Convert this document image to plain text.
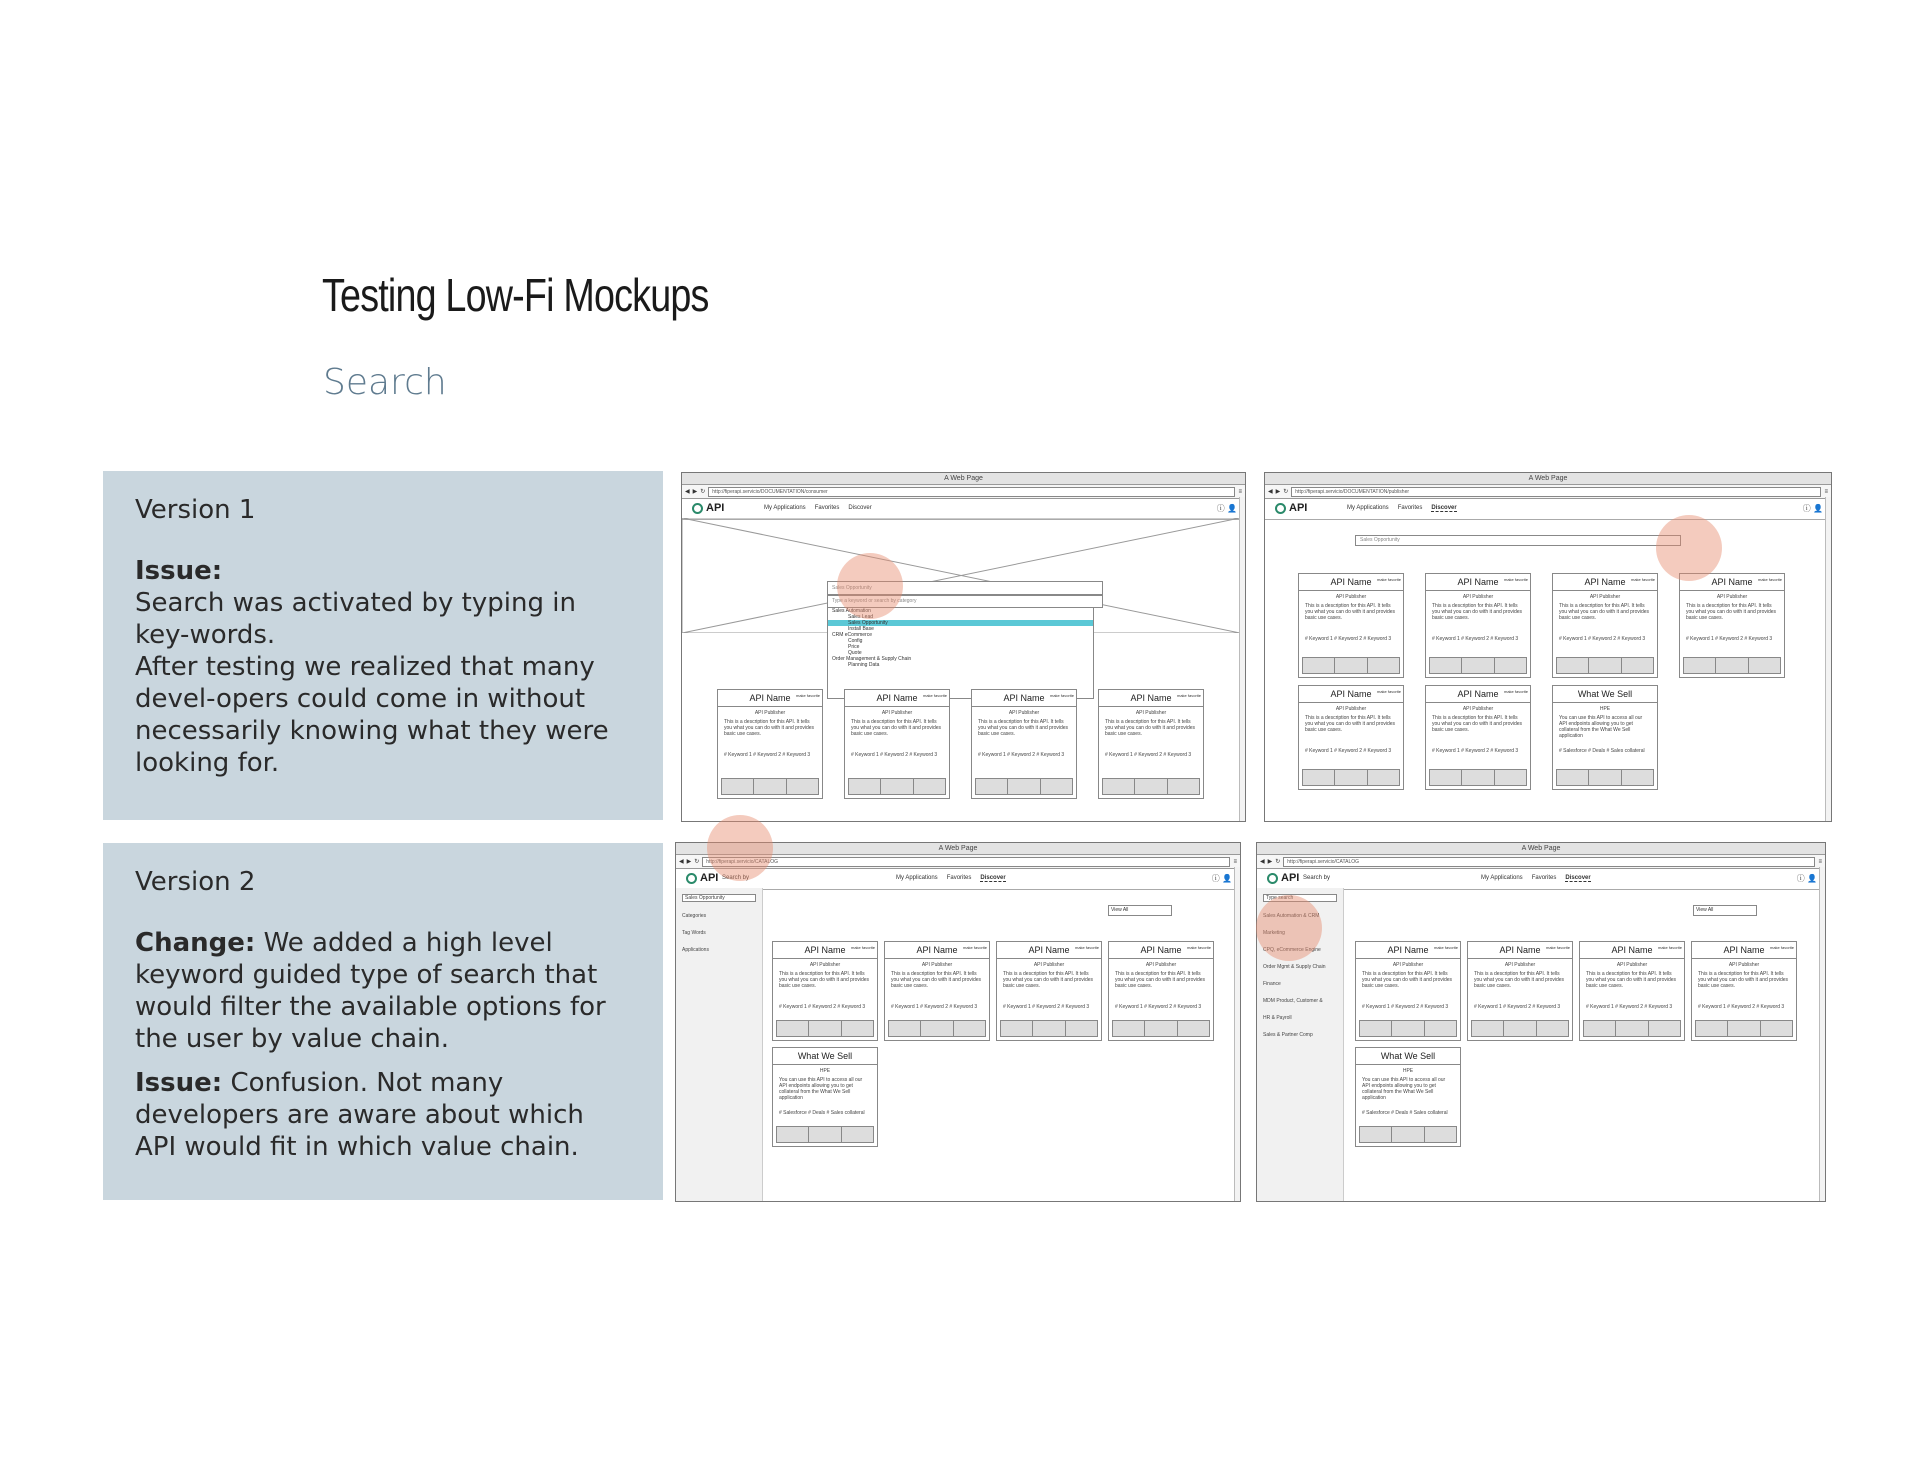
Testing Low-Fi Mockups
Search
Version 1

Issue:

Search was activated by typing in key-words.

After testing we realized that many devel-opers could come in without necessarily knowing what they were looking for.

Version 2

Change: We added a high level keyword guided type of search that would filter the available options for the user by value chain.

Issue: Confusion. Not many developers are aware about which API would fit in which value chain.

A Web Page
◀ ▶ ↻	http://fiperapi.servicio/DOCUMENTATION/consumer	≡
API	My Applications Favorites Discover	ⓘ 👤
Sales Opportunity
Type a keyword or search by category
Sales Automation
Sales Lead
Sales Opportunity
Install Base
CRM eCommerce
Config
Price
Quote
Order Management & Supply Chain
Planning Data
API Name	make favorite
API Publisher
This is a description for this API. It tells you what you can do with it and provides basic use cases.
# Keyword 1 # Keyword 2 # Keyword 3
API Name	make favorite
API Publisher
This is a description for this API. It tells you what you can do with it and provides basic use cases.
# Keyword 1 # Keyword 2 # Keyword 3
API Name	make favorite
API Publisher
This is a description for this API. It tells you what you can do with it and provides basic use cases.
# Keyword 1 # Keyword 2 # Keyword 3
API Name	make favorite
API Publisher
This is a description for this API. It tells you what you can do with it and provides basic use cases.
# Keyword 1 # Keyword 2 # Keyword 3
A Web Page
◀ ▶ ↻	http://fiperapi.servicio/DOCUMENTATION/publisher	≡
API	My Applications Favorites Discover	ⓘ 👤
Sales Opportunity
API Name	make favorite
API Publisher
This is a description for this API. It tells you what you can do with it and provides basic use cases.
# Keyword 1 # Keyword 2 # Keyword 3
API Name	make favorite
API Publisher
This is a description for this API. It tells you what you can do with it and provides basic use cases.
# Keyword 1 # Keyword 2 # Keyword 3
API Name	make favorite
API Publisher
This is a description for this API. It tells you what you can do with it and provides basic use cases.
# Keyword 1 # Keyword 2 # Keyword 3
API Name	make favorite
API Publisher
This is a description for this API. It tells you what you can do with it and provides basic use cases.
# Keyword 1 # Keyword 2 # Keyword 3
API Name	make favorite
API Publisher
This is a description for this API. It tells you what you can do with it and provides basic use cases.
# Keyword 1 # Keyword 2 # Keyword 3
API Name	make favorite
API Publisher
This is a description for this API. It tells you what you can do with it and provides basic use cases.
# Keyword 1 # Keyword 2 # Keyword 3
What We Sell
HPE
You can use this API to access all our API endpoints allowing you to get collateral from the What We Sell application
# Salesforce # Deals # Sales collateral
A Web Page
◀ ▶ ↻	http://fiperapi.servicio/CATALOG	≡
API Search by	My Applications Favorites Discover	ⓘ 👤
Sales Opportunity
Categories
Tag Words
Applications
View All
API Name	make favorite
API Publisher
This is a description for this API. It tells you what you can do with it and provides basic use cases.
# Keyword 1 # Keyword 2 # Keyword 3
API Name	make favorite
API Publisher
This is a description for this API. It tells you what you can do with it and provides basic use cases.
# Keyword 1 # Keyword 2 # Keyword 3
API Name	make favorite
API Publisher
This is a description for this API. It tells you what you can do with it and provides basic use cases.
# Keyword 1 # Keyword 2 # Keyword 3
API Name	make favorite
API Publisher
This is a description for this API. It tells you what you can do with it and provides basic use cases.
# Keyword 1 # Keyword 2 # Keyword 3
What We Sell
HPE
You can use this API to access all our API endpoints allowing you to get collateral from the What We Sell application
# Salesforce # Deals # Sales collateral
A Web Page
◀ ▶ ↻	http://fiperapi.servicio/CATALOG	≡
API Search by	My Applications Favorites Discover	ⓘ 👤
Type search
Sales Automation & CRM
Marketing
CPQ, eCommerce Engine
Order Mgmt & Supply Chain
Finance
MDM Product, Customer &
HR & Payroll
Sales & Partner Comp
View All
API Name	make favorite
API Publisher
This is a description for this API. It tells you what you can do with it and provides basic use cases.
# Keyword 1 # Keyword 2 # Keyword 3
API Name	make favorite
API Publisher
This is a description for this API. It tells you what you can do with it and provides basic use cases.
# Keyword 1 # Keyword 2 # Keyword 3
API Name	make favorite
API Publisher
This is a description for this API. It tells you what you can do with it and provides basic use cases.
# Keyword 1 # Keyword 2 # Keyword 3
API Name	make favorite
API Publisher
This is a description for this API. It tells you what you can do with it and provides basic use cases.
# Keyword 1 # Keyword 2 # Keyword 3
What We Sell
HPE
You can use this API to access all our API endpoints allowing you to get collateral from the What We Sell application
# Salesforce # Deals # Sales collateral
